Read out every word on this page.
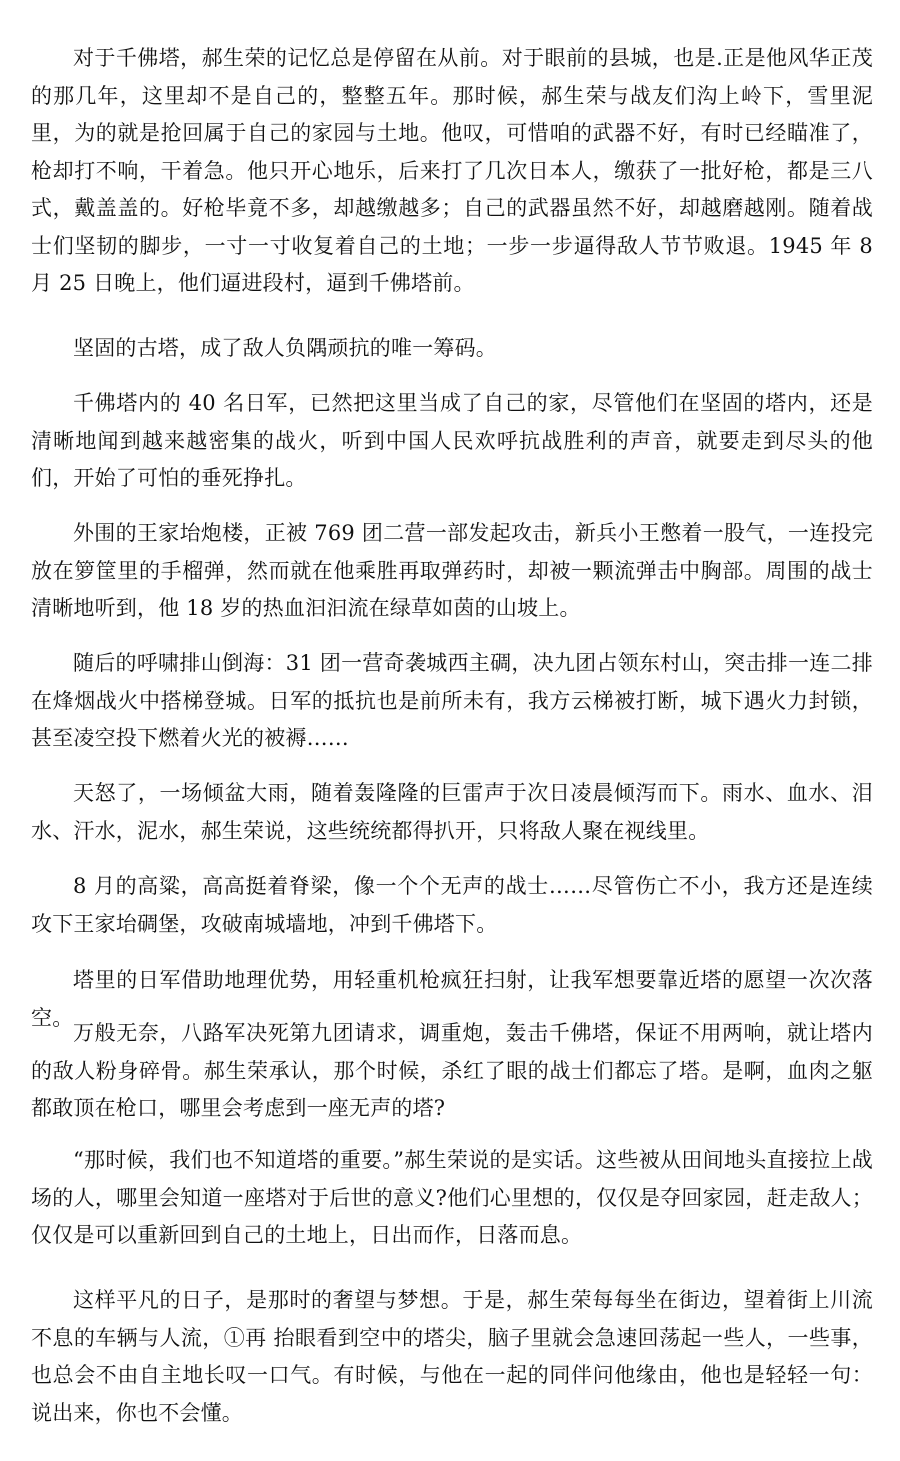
对于千佛塔，郝生荣的记忆总是停留在从前。对于眼前的县城，也是.正是他风华正茂的那几年，这里却不是自己的，整整五年。那时候，郝生荣与战友们沟上岭下，雪里泥里，为的就是抢回属于自己的家园与土地。他叹，可惜咱的武器不好，有时已经瞄准了，枪却打不响，干着急。他只开心地乐，后来打了几次日本人，缴获了一批好枪，都是三八式，戴盖盖的。好枪毕竟不多，却越缴越多；自己的武器虽然不好，却越磨越刚。随着战士们坚韧的脚步，一寸一寸收复着自己的土地；一步一步逼得敌人节节败退。1945 年 8 月 25 日晚上，他们逼进段村，逼到千佛塔前。

坚固的古塔，成了敌人负隅顽抗的唯一筹码。

千佛塔内的 40 名日军，已然把这里当成了自己的家，尽管他们在坚固的塔内，还是清晰地闻到越来越密集的战火，听到中国人民欢呼抗战胜利的声音，就要走到尽头的他们，开始了可怕的垂死挣扎。

外围的王家坮炮楼，正被 769 团二营一部发起攻击，新兵小王憋着一股气，一连投完放在箩筐里的手榴弹，然而就在他乘胜再取弹药时，却被一颗流弹击中胸部。周围的战士清晰地听到，他 18 岁的热血汩汩流在绿草如茵的山坡上。

随后的呼啸排山倒海：31 团一营奇袭城西主碉，决九团占领东村山，突击排一连二排在烽烟战火中搭梯登城。日军的抵抗也是前所未有，我方云梯被打断，城下遇火力封锁，甚至凌空投下燃着火光的被褥……

天怒了，一场倾盆大雨，随着轰隆隆的巨雷声于次日凌晨倾泻而下。雨水、血水、泪水、汗水，泥水，郝生荣说，这些统统都得扒开，只将敌人聚在视线里。

8 月的高粱，高高挺着脊梁，像一个个无声的战士……尽管伤亡不小，我方还是连续攻下王家坮碉堡，攻破南城墙地，冲到千佛塔下。

塔里的日军借助地理优势，用轻重机枪疯狂扫射，让我军想要靠近塔的愿望一次次落空。

万般无奈，八路军决死第九团请求，调重炮，轰击千佛塔，保证不用两响，就让塔内的敌人粉身碎骨。郝生荣承认，那个时候，杀红了眼的战士们都忘了塔。是啊，血肉之躯都敢顶在枪口，哪里会考虑到一座无声的塔?

“那时候，我们也不知道塔的重要。”郝生荣说的是实话。这些被从田间地头直接拉上战场的人，哪里会知道一座塔对于后世的意义?他们心里想的，仅仅是夺回家园，赶走敌人；仅仅是可以重新回到自己的土地上，日出而作，日落而息。

这样平凡的日子，是那时的奢望与梦想。于是，郝生荣每每坐在街边，望着街上川流不息的车辆与人流，①再 抬眼看到空中的塔尖，脑子里就会急速回荡起一些人，一些事，也总会不由自主地长叹一口气。有时候，与他在一起的同伴问他缘由，他也是轻轻一句：说出来，你也不会懂。
